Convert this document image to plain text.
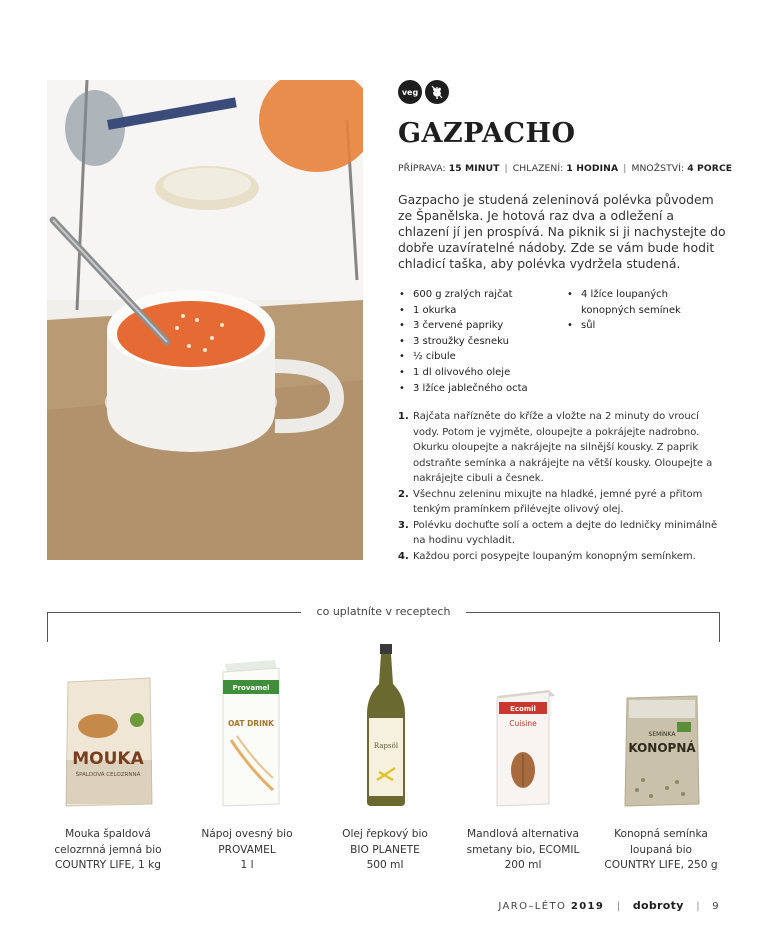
veg
GAZPACHO
PŘÍPRAVA: 15 MINUT | CHLAZENÍ: 1 HODINA | MNOŽSTVÍ: 4 PORCE

Gazpacho je studená zeleninová polévka původem ze Španělska. Je hotová raz dva a odležení a chlazení jí jen prospívá. Na piknik si ji nachystejte do dobře uzavíratelné nádoby. Zde se vám bude hodit chladicí taška, aby polévka vydržela studená.

• 600 g zralých rajčat
• 1 okurka
• 3 červené papriky
• 3 stroužky česneku
• ½ cibule
• 1 dl olivového oleje
• 3 lžíce jablečného octa
• 4 lžíce loupaných konopných semínek
• sůl
1. Rajčata nařízněte do kříže a vložte na 2 minuty do vroucí vody. Potom je vyjměte, oloupejte a pokrájejte nadrobno. Okurku oloupejte a nakrájejte na silnější kousky. Z paprik odstraňte semínka a nakrájejte na větší kousky. Oloupejte a nakrájejte cibuli a česnek.
2. Všechnu zeleninu mixujte na hladké, jemné pyré a přitom tenkým pramínkem přilévejte olivový olej.
3. Polévku dochuťte solí a octem a dejte do ledničky minimálně na hodinu vychladit.
4. Každou porci posypejte loupaným konopným semínkem.
co uplatníte v receptech
MOUKA
ŠPALDOVÁ CELOZRNNÁ
Mouka špaldová
celozrnná jemná bio
COUNTRY LIFE, 1 kg
Provamel
OAT DRINK
Nápoj ovesný bio
PROVAMEL
1 l
Rapsöl
Olej řepkový bio
BIO PLANETE
500 ml
Ecomil
Cuisine
Mandlová alternativa
smetany bio, ECOMIL
200 ml
SEMÍNKA
KONOPNÁ
Konopná semínka
loupaná bio
COUNTRY LIFE, 250 g
JARO–LÉTO 2019 | dobroty | 9
